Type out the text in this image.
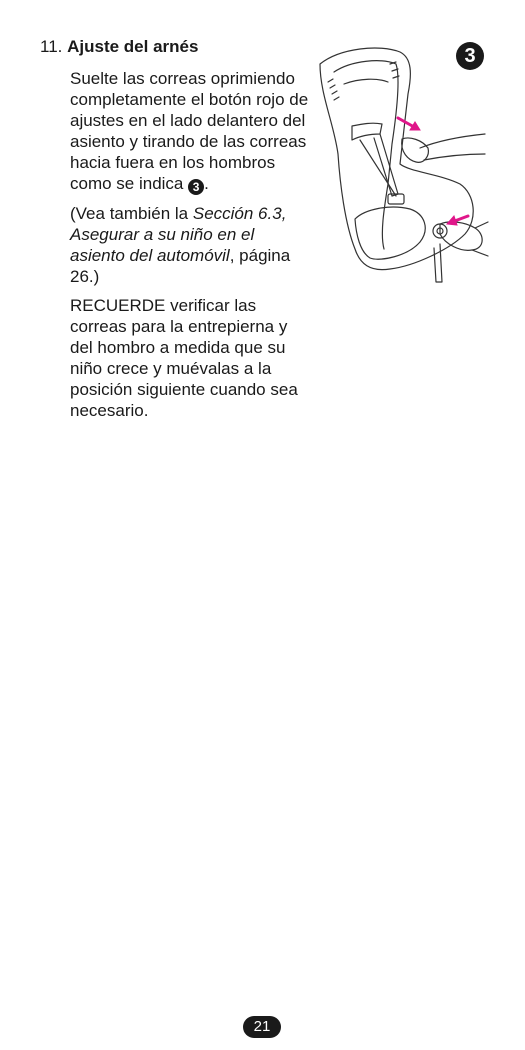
11. Ajuste del arnés	3

Suelte las correas oprimiendo completamente el botón rojo de ajustes en el lado delantero del asiento y tirando de las correas hacia fuera en los hombros como se indica 3 .

(Vea también la Sección 6.3, Asegurar a su niño en el asiento del automóvil, página 26.)

RECUERDE verificar las correas para la entrepierna y del hombro a medida que su niño crece y muévalas a la posición siguiente cuando sea necesario.

21
